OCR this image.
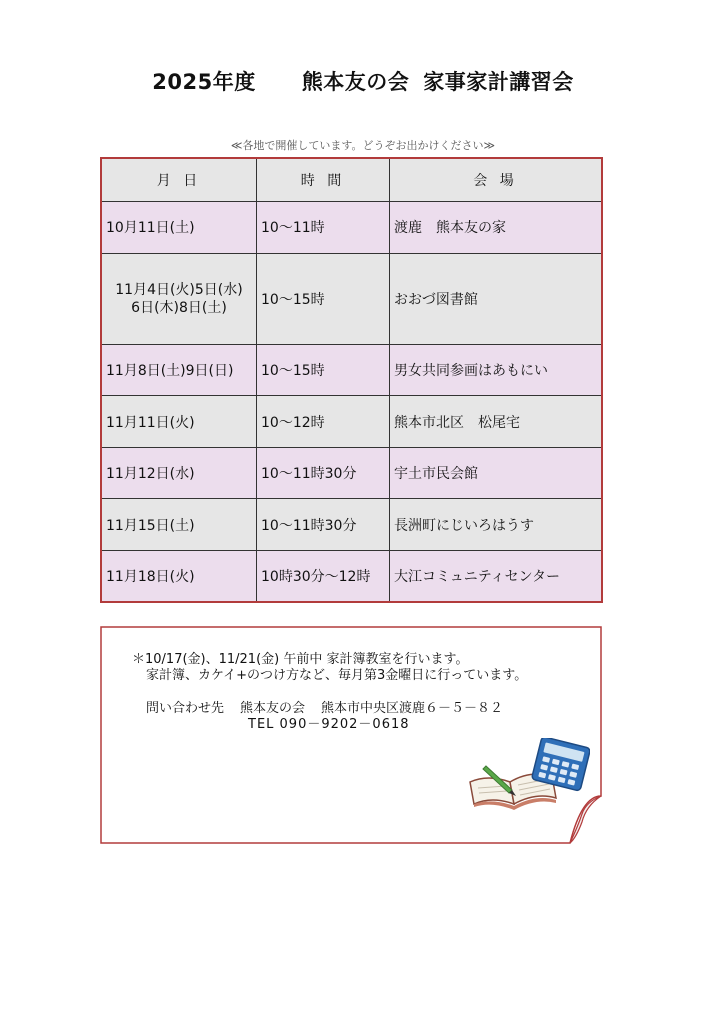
2025年度 熊本友の会 家事家計講習会
≪各地で開催しています。どうぞお出かけください≫
月 日	時 間	会 場
10月11日(土)	10～11時	渡鹿　熊本友の家

11月4日(火)5日(水)
6日(木)8日(土)	10～15時	おおづ図書館
11月8日(土)9日(日)	10～15時	男女共同参画はあもにい
11月11日(火)	10～12時	熊本市北区　松尾宅
11月12日(水)	10～11時30分	宇土市民会館
11月15日(土)	10～11時30分	長洲町にじいろはうす
11月18日(火)	10時30分～12時	大江コミュニティセンター
＊10/17(金)、11/21(金) 午前中 家計簿教室を行います。
家計簿、カケイ+のつけ方など、毎月第3金曜日に行っています。
問い合わせ先 熊本友の会 熊本市中央区渡鹿６－５－８２
TEL 090－9202－0618
